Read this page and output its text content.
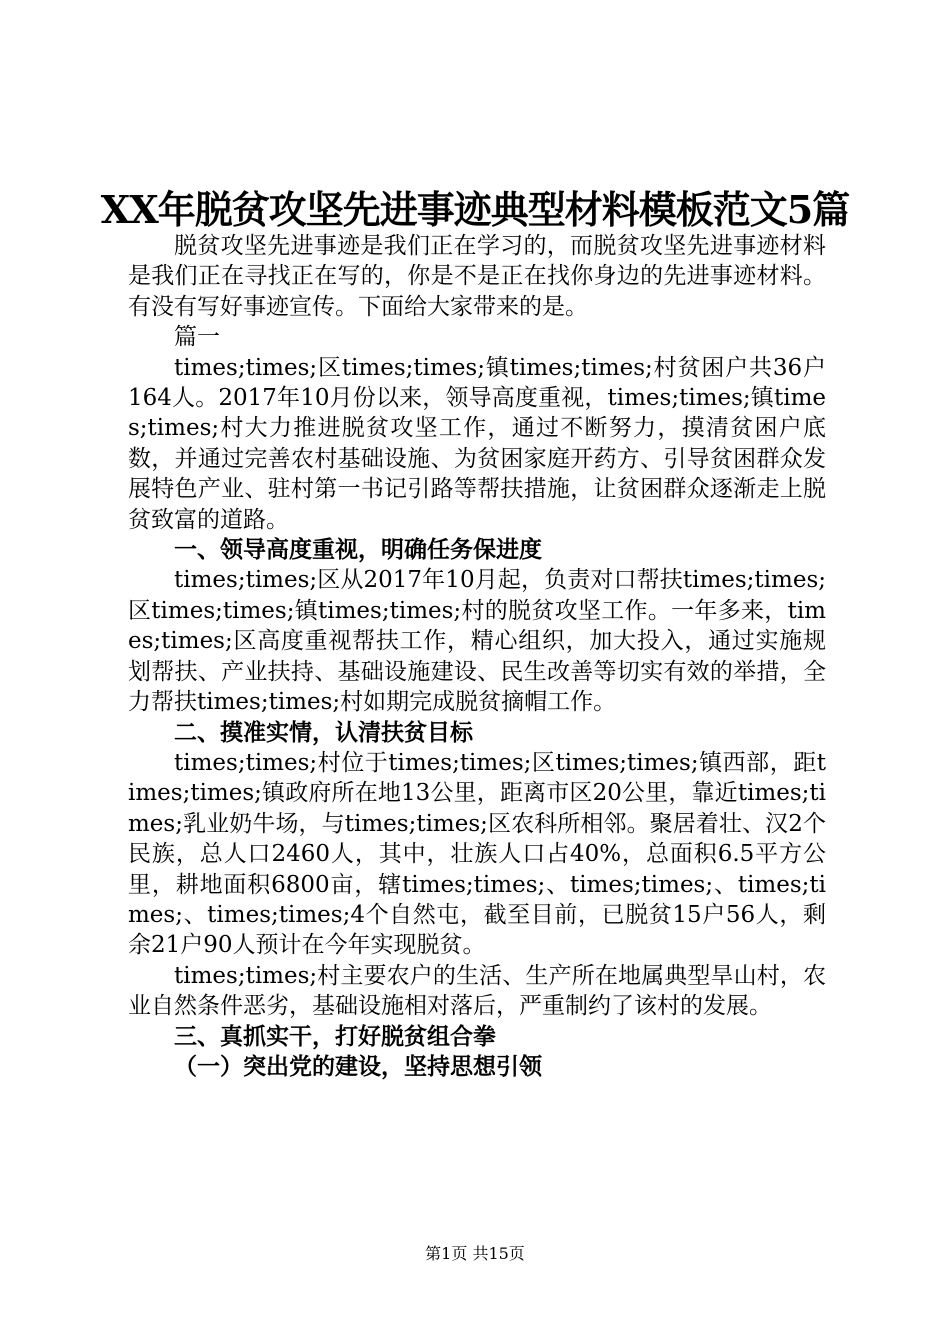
XX年脱贫攻坚先进事迹典型材料模板范文5篇

脱贫攻坚先进事迹是我们正在学习的，而脱贫攻坚先进事迹材料是我们正在寻找正在写的，你是不是正在找你身边的先进事迹材料。有没有写好事迹宣传。下面给大家带来的是。

篇一

times;times;区times;times;镇times;times;村贫困户共36户164人。2017年10月份以来，领导高度重视，times;times;镇times;times;村大力推进脱贫攻坚工作，通过不断努力，摸清贫困户底数，并通过完善农村基础设施、为贫困家庭开药方、引导贫困群众发展特色产业、驻村第一书记引路等帮扶措施，让贫困群众逐渐走上脱贫致富的道路。

一、领导高度重视，明确任务保进度

times;times;区从2017年10月起，负责对口帮扶times;times;区times;times;镇times;times;村的脱贫攻坚工作。一年多来，times;times;区高度重视帮扶工作，精心组织，加大投入，通过实施规划帮扶、产业扶持、基础设施建设、民生改善等切实有效的举措，全力帮扶times;times;村如期完成脱贫摘帽工作。

二、摸准实情，认清扶贫目标

times;times;村位于times;times;区times;times;镇西部，距times;times;镇政府所在地13公里，距离市区20公里，靠近times;times;乳业奶牛场，与times;times;区农科所相邻。聚居着壮、汉2个民族，总人口2460人，其中，壮族人口占40%，总面积6.5平方公里，耕地面积6800亩，辖times;times;、times;times;、times;times;、times;times;4个自然屯，截至目前，已脱贫15户56人，剩余21户90人预计在今年实现脱贫。

times;times;村主要农户的生活、生产所在地属典型旱山村，农业自然条件恶劣，基础设施相对落后，严重制约了该村的发展。

三、真抓实干，打好脱贫组合拳

（一）突出党的建设，坚持思想引领

第1页 共15页
